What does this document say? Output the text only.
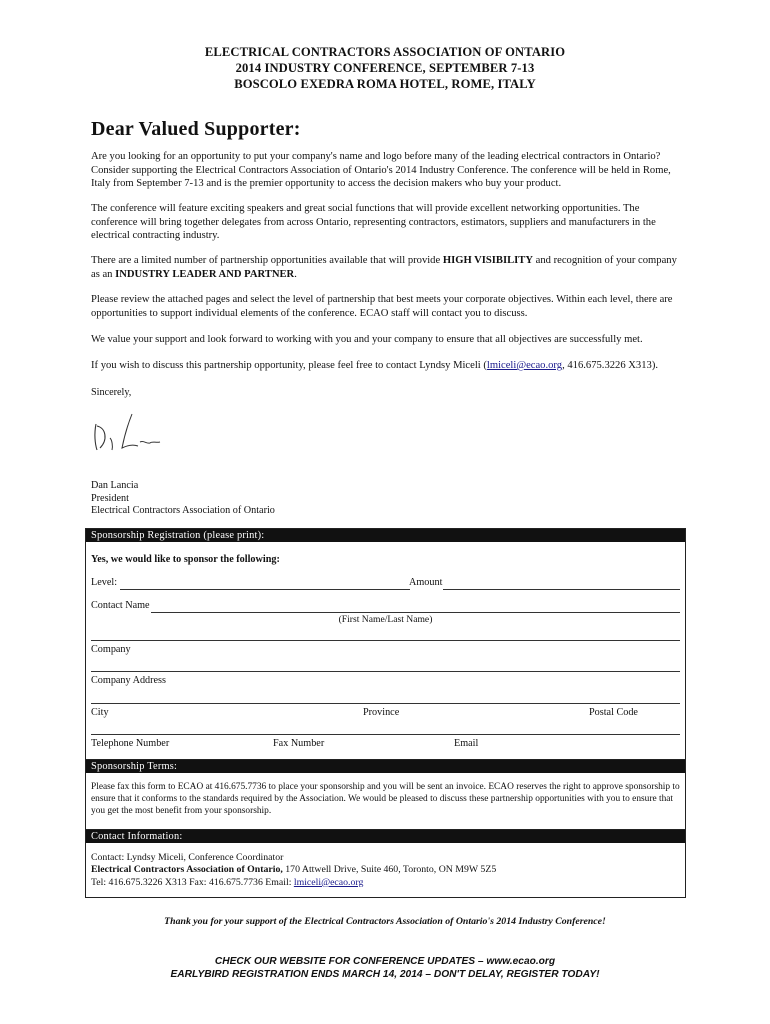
ELECTRICAL CONTRACTORS ASSOCIATION OF ONTARIO
2014 INDUSTRY CONFERENCE, SEPTEMBER 7-13
BOSCOLO EXEDRA ROMA HOTEL, ROME, ITALY
Dear Valued Supporter:

Are you looking for an opportunity to put your company's name and logo before many of the leading electrical contractors in Ontario? Consider supporting the Electrical Contractors Association of Ontario's 2014 Industry Conference. The conference will be held in Rome, Italy from September 7-13 and is the premier opportunity to access the decision makers who buy your product.

The conference will feature exciting speakers and great social functions that will provide excellent networking opportunities. The conference will bring together delegates from across Ontario, representing contractors, estimators, suppliers and manufacturers in the electrical contracting industry.

There are a limited number of partnership opportunities available that will provide HIGH VISIBILITY and recognition of your company as an INDUSTRY LEADER AND PARTNER.

Please review the attached pages and select the level of partnership that best meets your corporate objectives. Within each level, there are opportunities to support individual elements of the conference. ECAO staff will contact you to discuss.

We value your support and look forward to working with you and your company to ensure that all objectives are successfully met.

If you wish to discuss this partnership opportunity, please feel free to contact Lyndsy Miceli (lmiceli@ecao.org, 416.675.3226 X313).

Sincerely,
Dan Lancia
President
Electrical Contractors Association of Ontario
Sponsorship Registration (please print):
Yes, we would like to sponsor the following:
Level:	Amount
Contact Name
(First Name/Last Name)
Company
Company Address
City	Province	Postal Code
Telephone Number	Fax Number	Email
Sponsorship Terms:
Please fax this form to ECAO at 416.675.7736 to place your sponsorship and you will be sent an invoice. ECAO reserves the right to approve sponsorship to ensure that it conforms to the standards required by the Association. We would be pleased to discuss these partnership opportunities with you to ensure that you get the most benefit from your sponsorship.
Contact Information:
Contact: Lyndsy Miceli, Conference Coordinator
Electrical Contractors Association of Ontario, 170 Attwell Drive, Suite 460, Toronto, ON M9W 5Z5
Tel: 416.675.3226 X313 Fax: 416.675.7736 Email: lmiceli@ecao.org
Thank you for your support of the Electrical Contractors Association of Ontario's 2014 Industry Conference!
CHECK OUR WEBSITE FOR CONFERENCE UPDATES – www.ecao.org
EARLYBIRD REGISTRATION ENDS MARCH 14, 2014 – DON'T DELAY, REGISTER TODAY!
